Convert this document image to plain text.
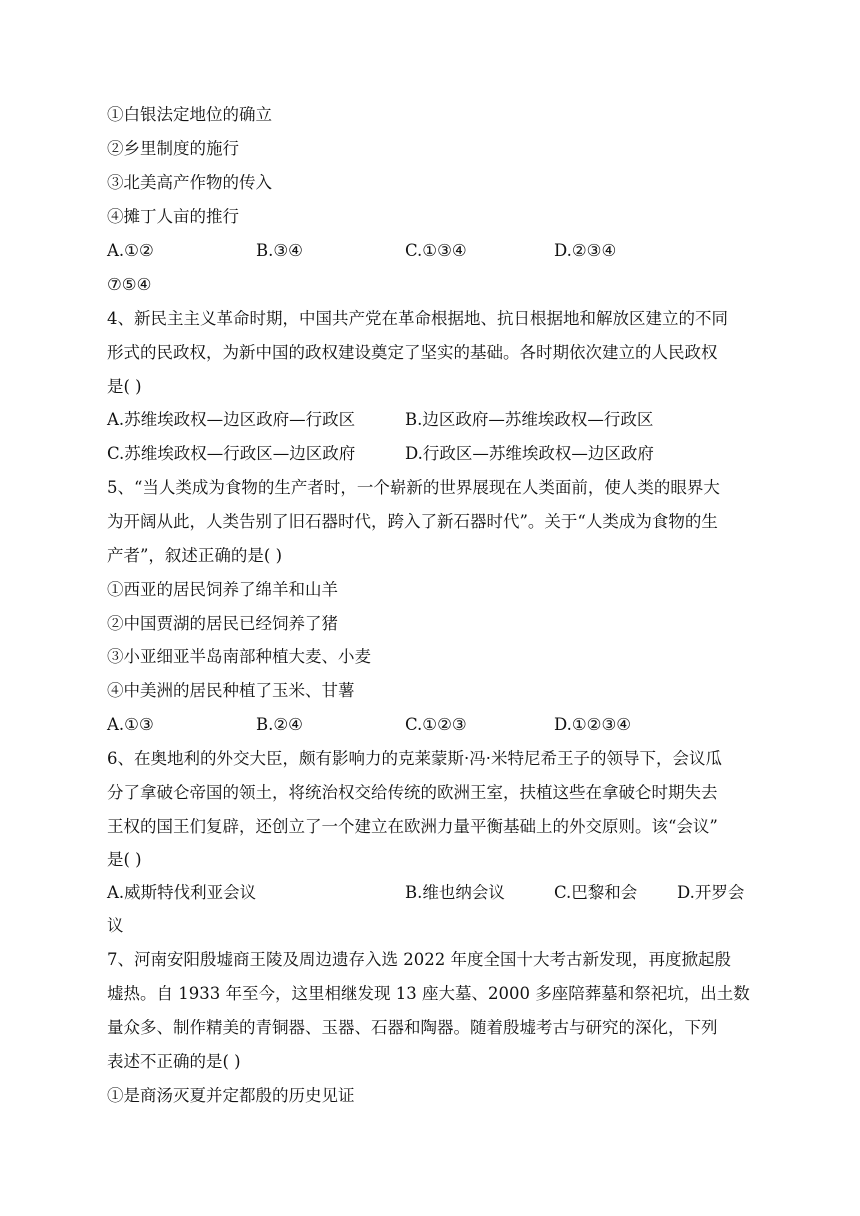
①白银法定地位的确立
②乡里制度的施行
③北美高产作物的传入
④摊丁人亩的推行
A.①②	B.③④	C.①③④	D.②③④
⑦⑤④
4、新民主主义革命时期，中国共产党在革命根据地、抗日根据地和解放区建立的不同
形式的民政权，为新中国的政权建设奠定了坚实的基础。各时期依次建立的人民政权
是( )
A.苏维埃政权—边区政府—行政区	B.边区政府—苏维埃政权—行政区
C.苏维埃政权—行政区—边区政府	D.行政区—苏维埃政权—边区政府
5、“当人类成为食物的生产者时，一个崭新的世界展现在人类面前，使人类的眼界大
为开阔从此，人类告别了旧石器时代，跨入了新石器时代”。关于“人类成为食物的生
产者”，叙述正确的是( )
①西亚的居民饲养了绵羊和山羊
②中国贾湖的居民已经饲养了猪
③小亚细亚半岛南部种植大麦、小麦
④中美洲的居民种植了玉米、甘薯
A.①③	B.②④	C.①②③	D.①②③④
6、在奥地利的外交大臣，颇有影响力的克莱蒙斯·冯·米特尼希王子的领导下，会议瓜
分了拿破仑帝国的领土，将统治权交给传统的欧洲王室，扶植这些在拿破仑时期失去
王权的国王们复辟，还创立了一个建立在欧洲力量平衡基础上的外交原则。该“会议”
是( )
A.威斯特伐利亚会议	B.维也纳会议	C.巴黎和会 D.开罗会
议
7、河南安阳殷墟商王陵及周边遗存入选 2022 年度全国十大考古新发现，再度掀起殷
墟热。自 1933 年至今，这里相继发现 13 座大墓、2000 多座陪葬墓和祭祀坑，出土数
量众多、制作精美的青铜器、玉器、石器和陶器。随着殷墟考古与研究的深化，下列
表述不正确的是( )
①是商汤灭夏并定都殷的历史见证
